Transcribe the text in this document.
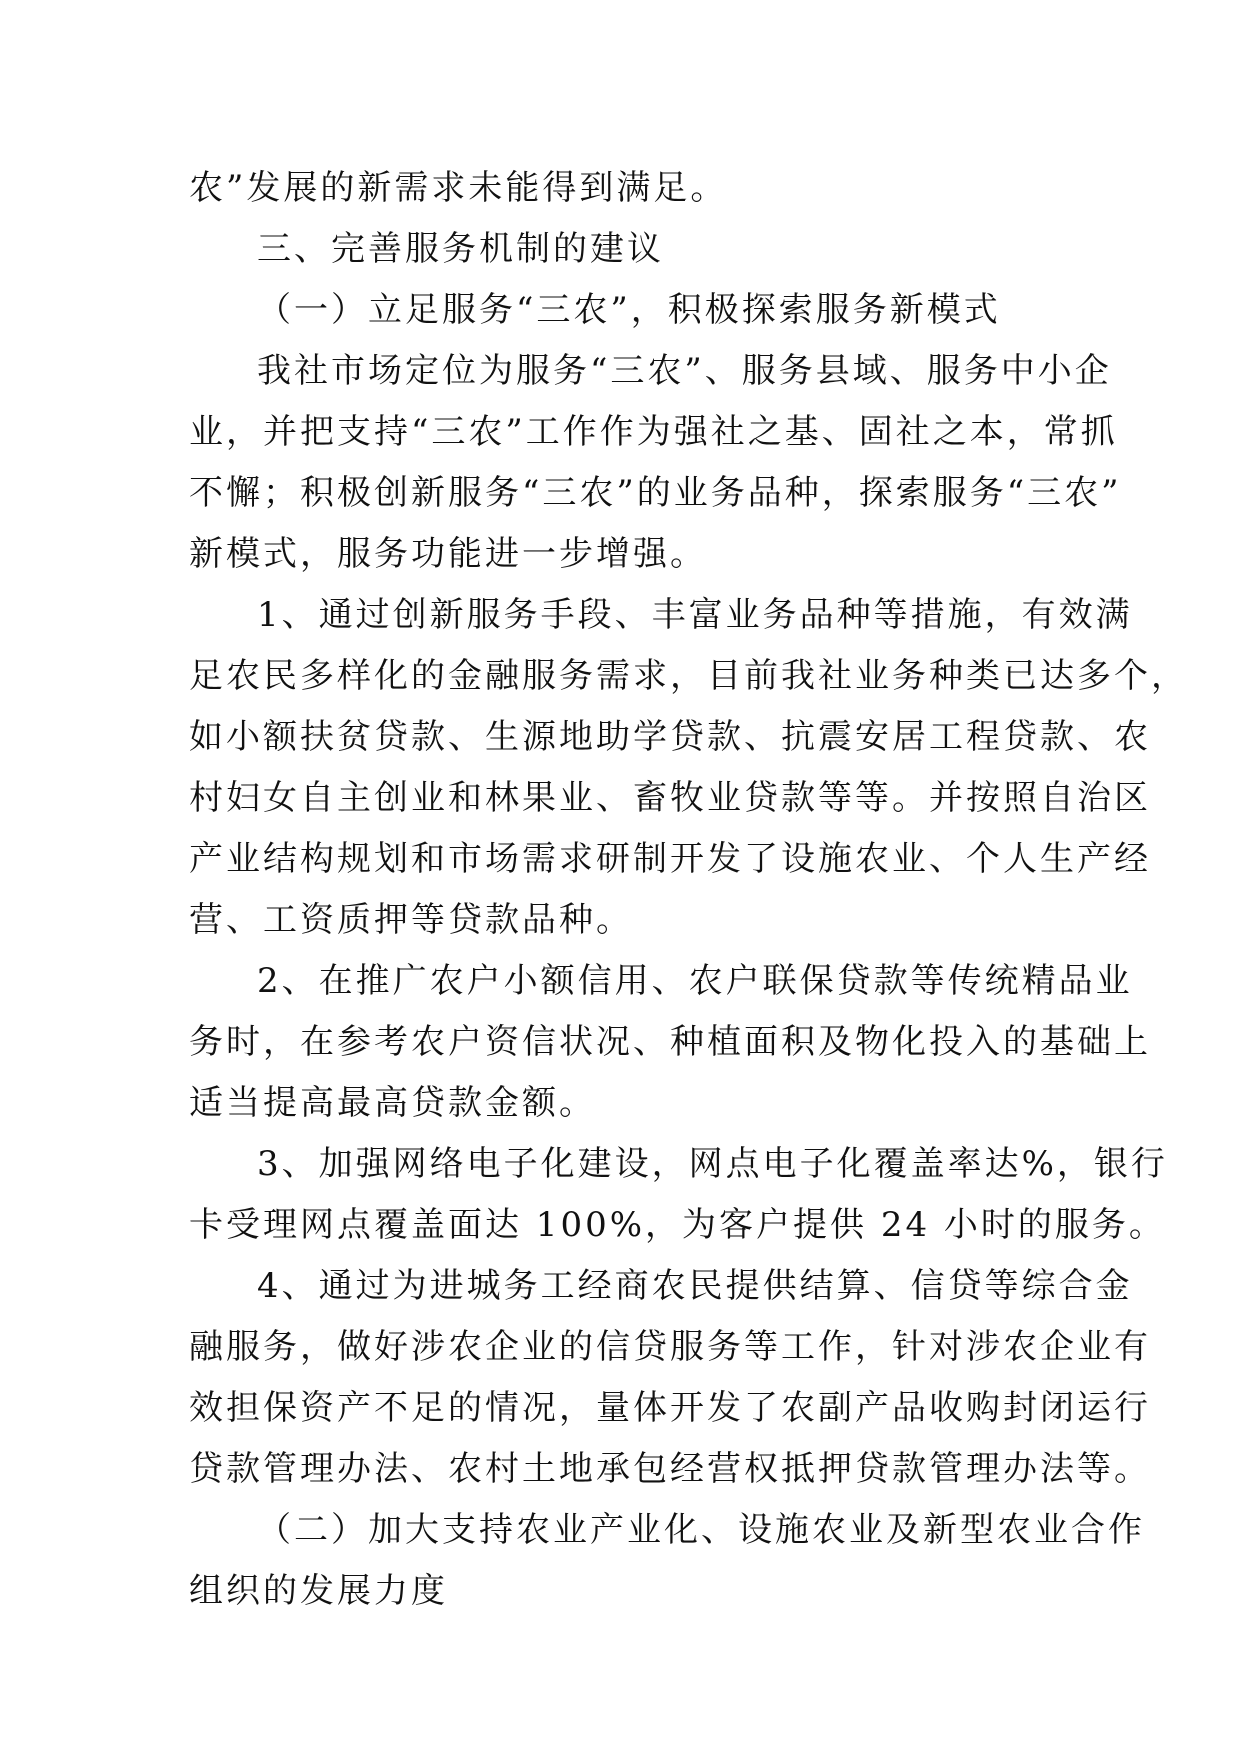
农”发展的新需求未能得到满足。
三、完善服务机制的建议
（一）立足服务“三农”，积极探索服务新模式
我社市场定位为服务“三农”、服务县域、服务中小企
业，并把支持“三农”工作作为强社之基、固社之本，常抓
不懈；积极创新服务“三农”的业务品种，探索服务“三农”
新模式，服务功能进一步增强。
1、通过创新服务手段、丰富业务品种等措施，有效满
足农民多样化的金融服务需求，目前我社业务种类已达多个，
如小额扶贫贷款、生源地助学贷款、抗震安居工程贷款、农
村妇女自主创业和林果业、畜牧业贷款等等。并按照自治区
产业结构规划和市场需求研制开发了设施农业、个人生产经
营、工资质押等贷款品种。
2、在推广农户小额信用、农户联保贷款等传统精品业
务时，在参考农户资信状况、种植面积及物化投入的基础上
适当提高最高贷款金额。
3、加强网络电子化建设，网点电子化覆盖率达%，银行
卡受理网点覆盖面达 100%，为客户提供 24 小时的服务。
4、通过为进城务工经商农民提供结算、信贷等综合金
融服务，做好涉农企业的信贷服务等工作，针对涉农企业有
效担保资产不足的情况，量体开发了农副产品收购封闭运行
贷款管理办法、农村土地承包经营权抵押贷款管理办法等。
（二）加大支持农业产业化、设施农业及新型农业合作
组织的发展力度
